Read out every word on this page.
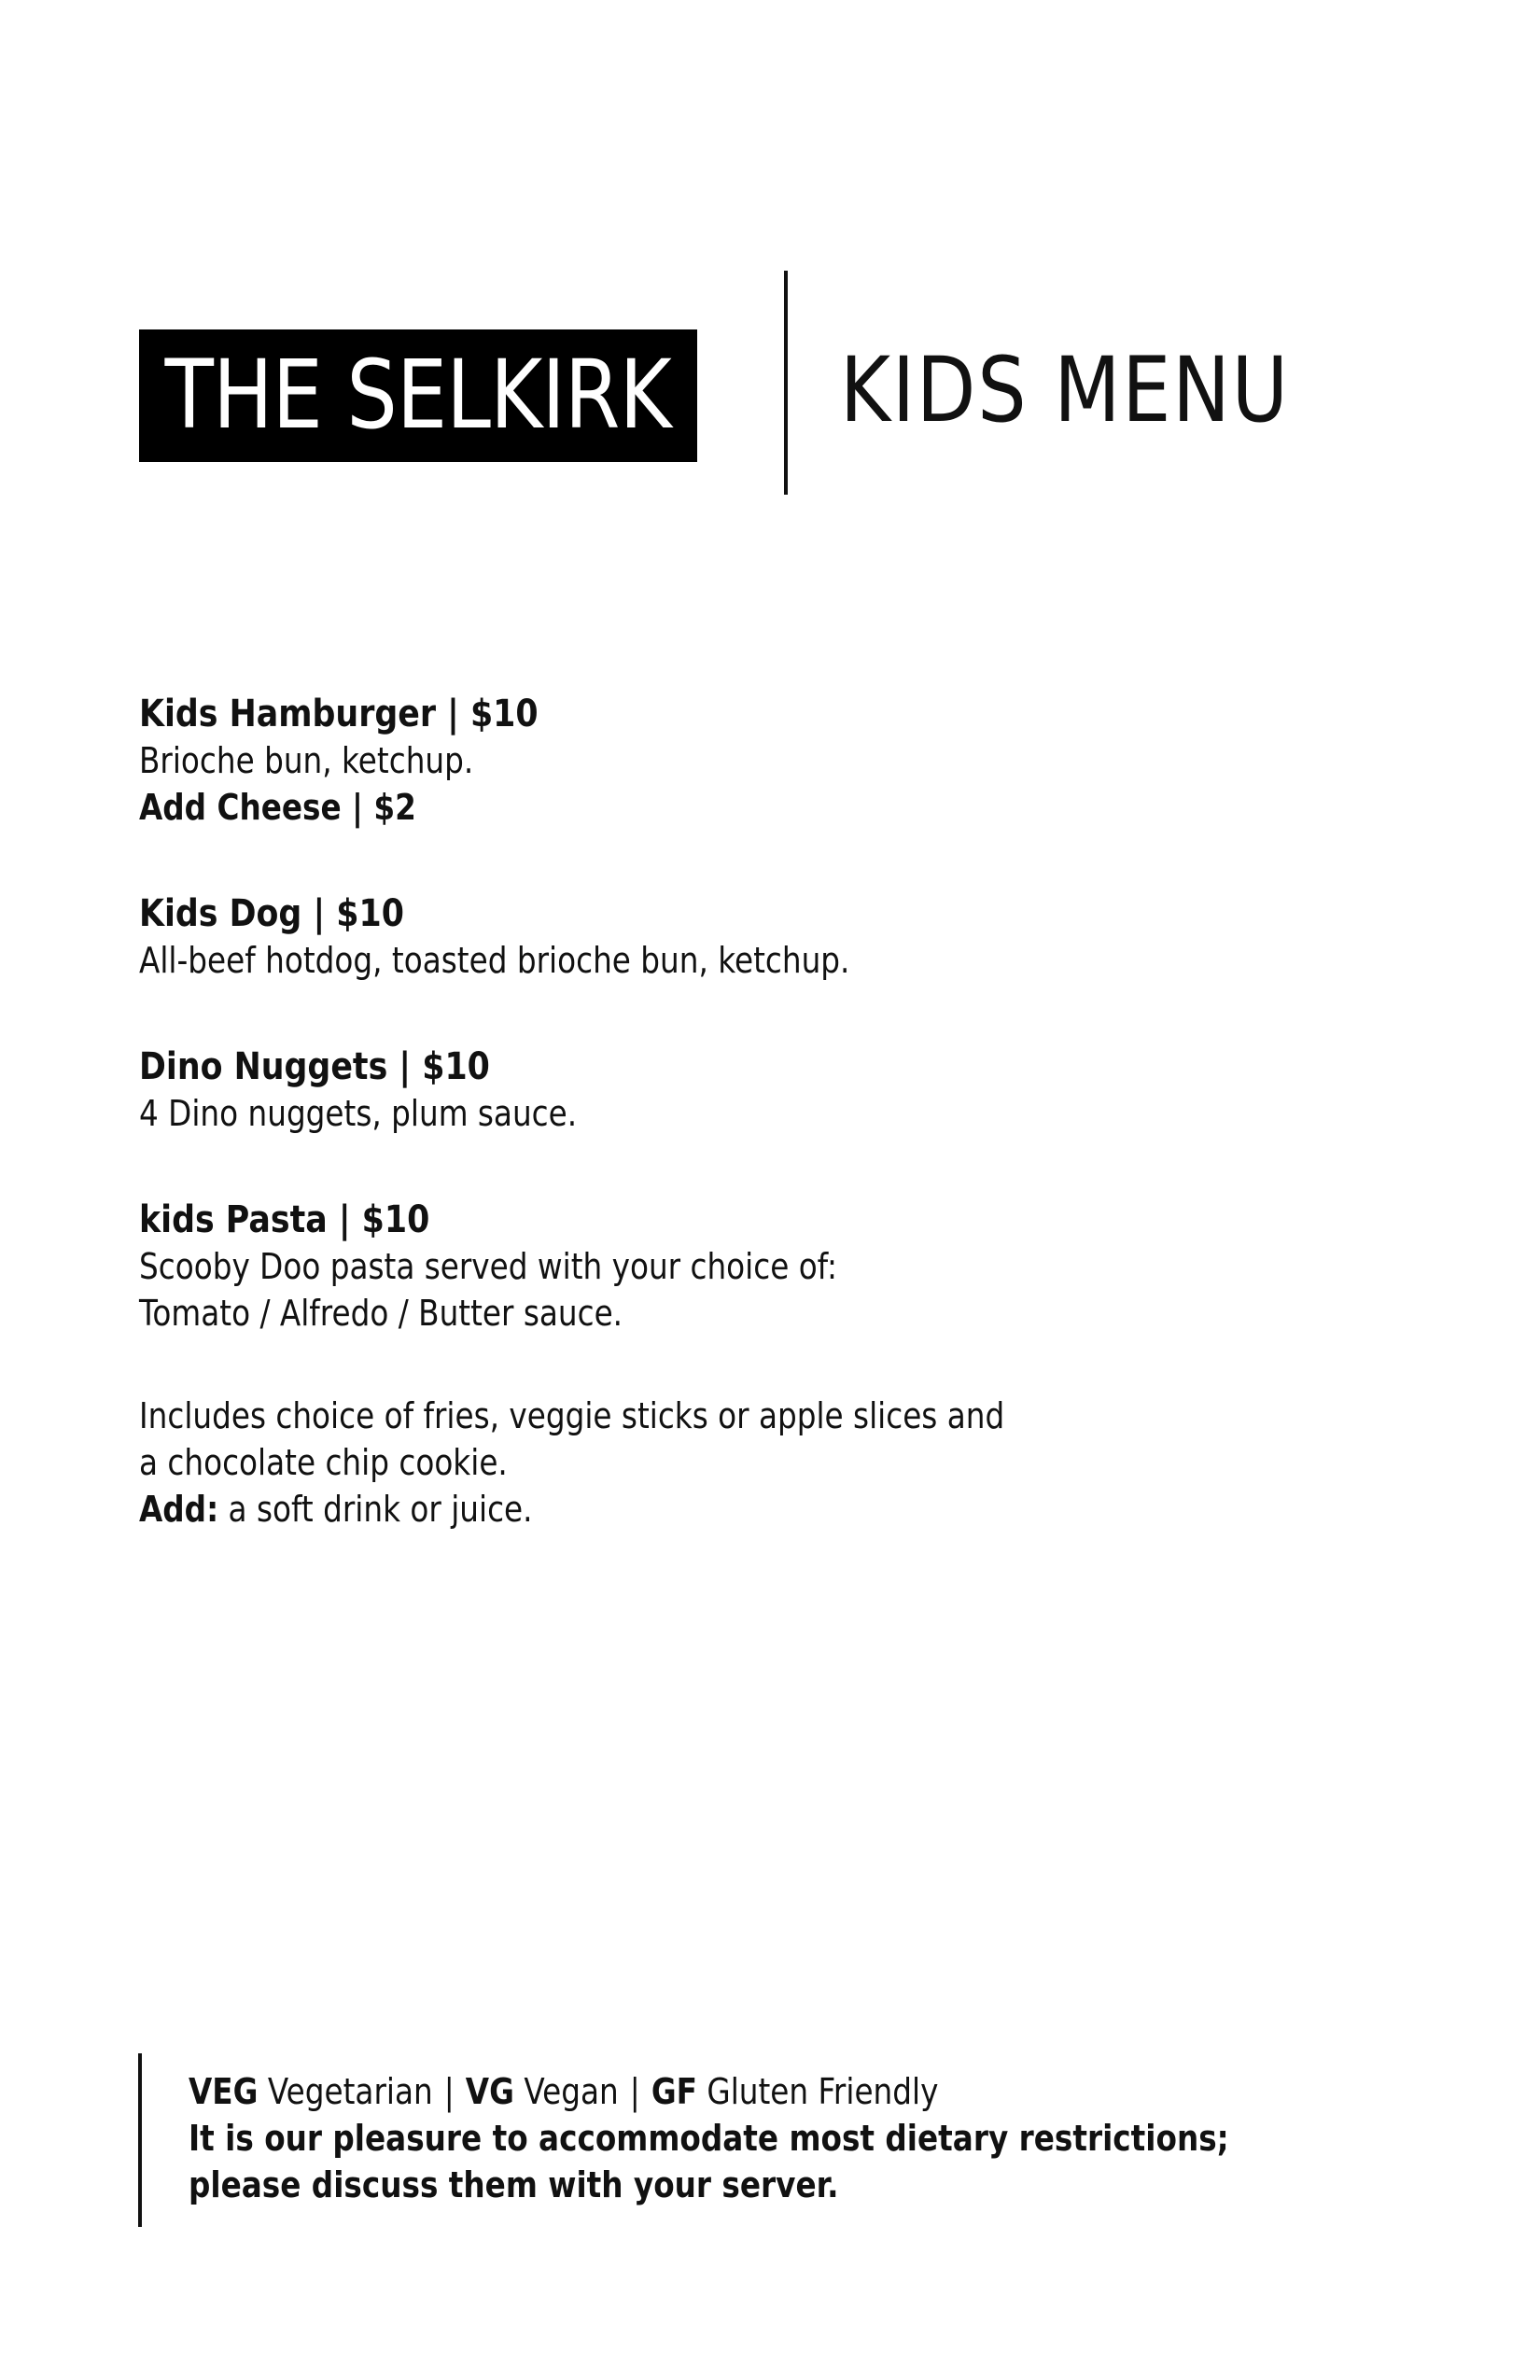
THE SELKIRK KIDS MENU
Kids Hamburger | $10
Brioche bun, ketchup.
Add Cheese | $2
Kids Dog | $10
All-beef hotdog, toasted brioche bun, ketchup.
Dino Nuggets | $10
4 Dino nuggets, plum sauce.
kids Pasta | $10
Scooby Doo pasta served with your choice of:
Tomato / Alfredo / Butter sauce.
Includes choice of fries, veggie sticks or apple slices and
a chocolate chip cookie.
Add: a soft drink or juice.
VEG Vegetarian | VG Vegan | GF Gluten Friendly
It is our pleasure to accommodate most dietary restrictions;
please discuss them with your server.
